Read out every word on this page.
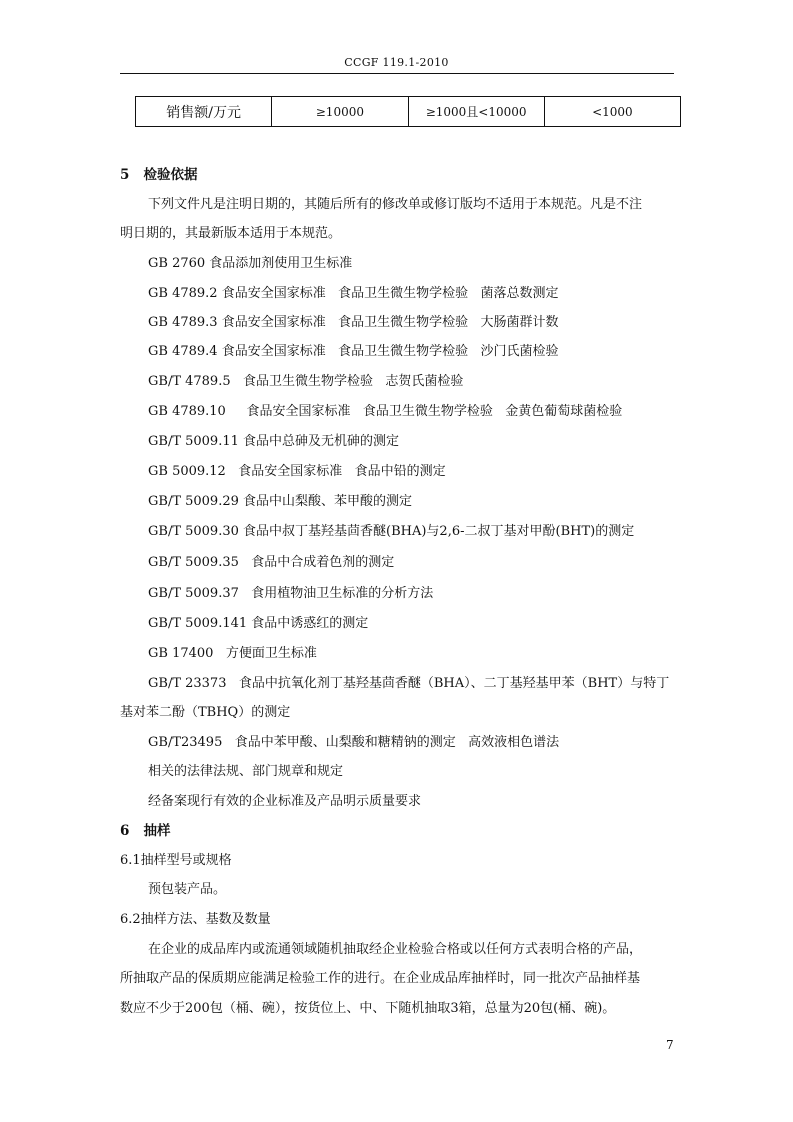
CCGF 119.1-2010
销售额/万元	≥10000	≥1000且<10000	<1000
5   检验依据
下列文件凡是注明日期的，其随后所有的修改单或修订版均不适用于本规范。凡是不注
明日期的，其最新版本适用于本规范。
GB 2760 食品添加剂使用卫生标准
GB 4789.2 食品安全国家标准   食品卫生微生物学检验   菌落总数测定
GB 4789.3 食品安全国家标准   食品卫生微生物学检验   大肠菌群计数
GB 4789.4 食品安全国家标准   食品卫生微生物学检验   沙门氏菌检验
GB/T 4789.5   食品卫生微生物学检验   志贺氏菌检验
GB 4789.10     食品安全国家标准   食品卫生微生物学检验   金黄色葡萄球菌检验
GB/T 5009.11 食品中总砷及无机砷的测定
GB 5009.12   食品安全国家标准   食品中铅的测定
GB/T 5009.29 食品中山梨酸、苯甲酸的测定
GB/T 5009.30 食品中叔丁基羟基茴香醚(BHA)与2,6-二叔丁基对甲酚(BHT)的测定
GB/T 5009.35   食品中合成着色剂的测定
GB/T 5009.37   食用植物油卫生标准的分析方法
GB/T 5009.141 食品中诱惑红的测定
GB 17400   方便面卫生标准
GB/T 23373   食品中抗氧化剂丁基羟基茴香醚（BHA）、二丁基羟基甲苯（BHT）与特丁
基对苯二酚（TBHQ）的测定
GB/T23495   食品中苯甲酸、山梨酸和糖精钠的测定   高效液相色谱法
相关的法律法规、部门规章和规定
经备案现行有效的企业标准及产品明示质量要求
6   抽样
6.1抽样型号或规格
预包装产品。
6.2抽样方法、基数及数量
在企业的成品库内或流通领域随机抽取经企业检验合格或以任何方式表明合格的产品，
所抽取产品的保质期应能满足检验工作的进行。在企业成品库抽样时，同一批次产品抽样基
数应不少于200包（桶、碗），按货位上、中、下随机抽取3箱，总量为20包(桶、碗)。
7
